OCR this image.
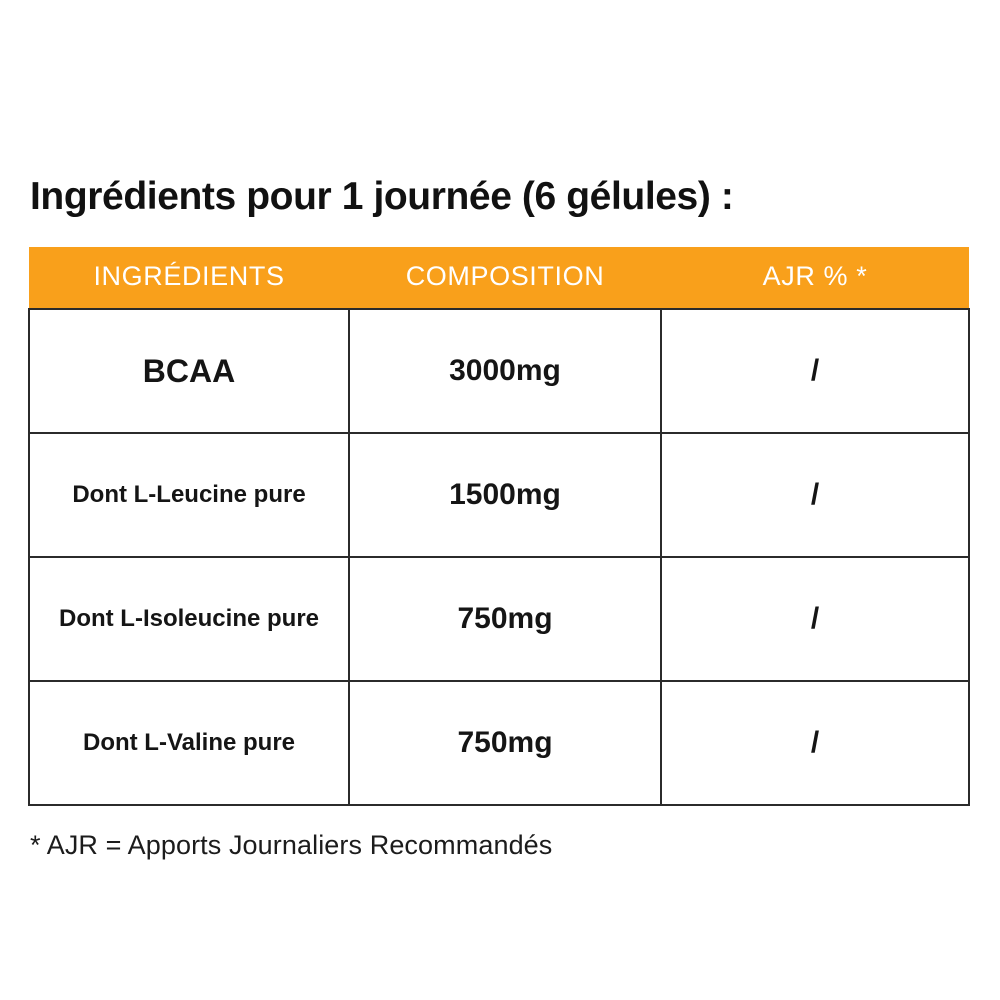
Ingrédients pour 1 journée (6 gélules) :
INGRÉDIENTS	COMPOSITION	AJR % *
BCAA	3000mg	/
Dont L-Leucine pure	1500mg	/
Dont L-Isoleucine pure	750mg	/
Dont L-Valine pure	750mg	/

* AJR = Apports Journaliers Recommandés
